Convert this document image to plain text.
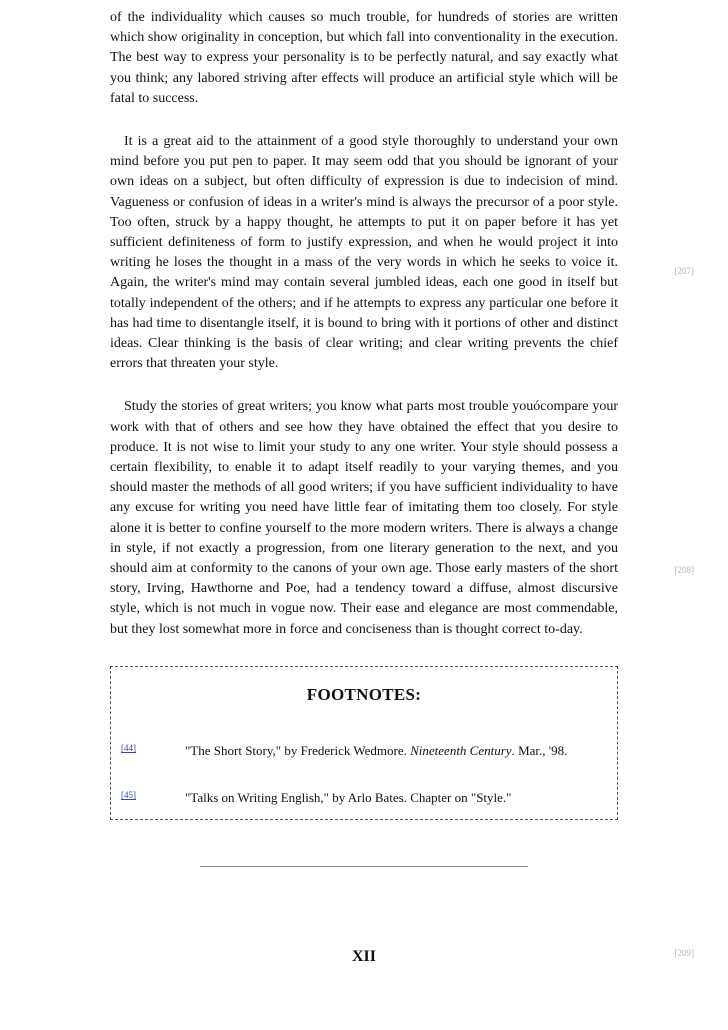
of the individuality which causes so much trouble, for hundreds of stories are written which show originality in conception, but which fall into conventionality in the execution. The best way to express your personality is to be perfectly natural, and say exactly what you think; any labored striving after effects will produce an artificial style which will be fatal to success.

It is a great aid to the attainment of a good style thoroughly to understand your own mind before you put pen to paper. It may seem odd that you should be ignorant of your own ideas on a subject, but often difficulty of expression is due to indecision of mind. Vagueness or confusion of ideas in a writer's mind is always the precursor of a poor style. Too often, struck by a happy thought, he attempts to put it on paper before it has yet sufficient definiteness of form to justify expression, and when he would project it into writing he loses the thought in a mass of the very words in which he seeks to voice it. Again, the writer's mind may contain several jumbled ideas, each one good in itself but totally independent of the others; and if he attempts to express any particular one before it has had time to disentangle itself, it is bound to bring with it portions of other and distinct ideas. Clear thinking is the basis of clear writing; and clear writing prevents the chief errors that threaten your style.

Study the stories of great writers; you know what parts most trouble youócompare your work with that of others and see how they have obtained the effect that you desire to produce. It is not wise to limit your study to any one writer. Your style should possess a certain flexibility, to enable it to adapt itself readily to your varying themes, and you should master the methods of all good writers; if you have sufficient individuality to have any excuse for writing you need have little fear of imitating them too closely. For style alone it is better to confine yourself to the more modern writers. There is always a change in style, if not exactly a progression, from one literary generation to the next, and you should aim at conformity to the canons of your own age. Those early masters of the short story, Irving, Hawthorne and Poe, had a tendency toward a diffuse, almost discursive style, which is not much in vogue now. Their ease and elegance are most commendable, but they lost somewhat more in force and conciseness than is thought correct to-day.

[207]
[208]
[209]
FOOTNOTES:
[44]	"The Short Story," by Frederick Wedmore. Nineteenth Century. Mar., '98.
[45]	"Talks on Writing English," by Arlo Bates. Chapter on "Style."
XII
